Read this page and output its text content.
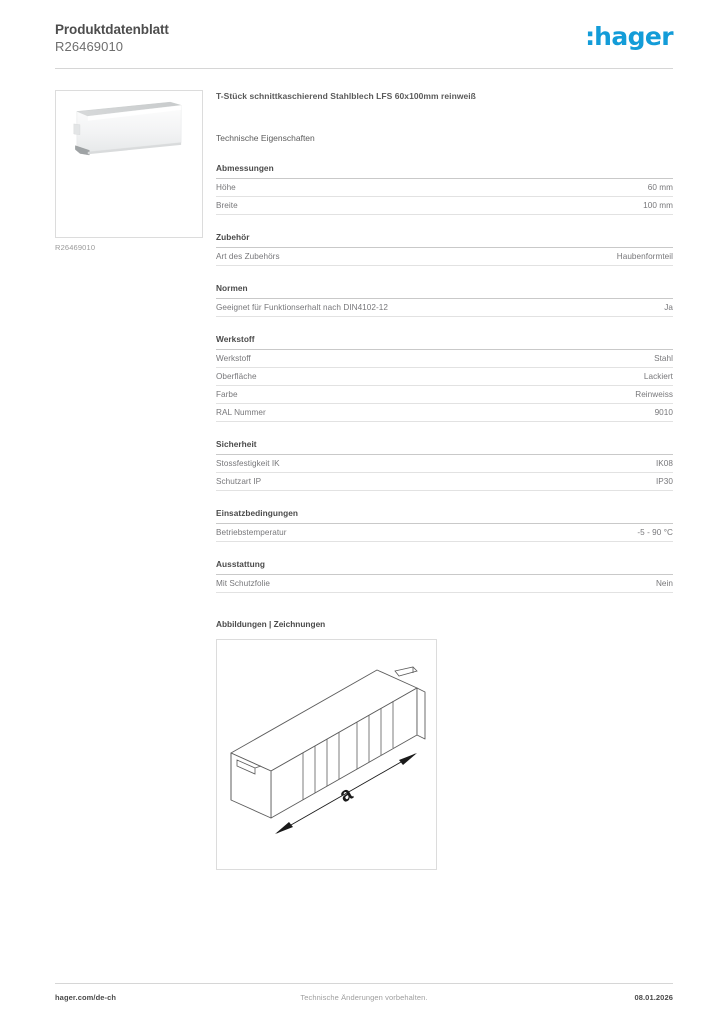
Produktdatenblatt
R26469010	:hager
R26469010
T-Stück schnittkaschierend Stahlblech LFS 60x100mm reinweiß
Technische Eigenschaften
Abmessungen
Höhe	60 mm
Breite	100 mm
Zubehör
Art des Zubehörs	Haubenformteil
Normen
Geeignet für Funktionserhalt nach DIN4102-12	Ja
Werkstoff
Werkstoff	Stahl
Oberfläche	Lackiert
Farbe	Reinweiss
RAL Nummer	9010
Sicherheit
Stossfestigkeit IK	IK08
Schutzart IP	IP30
Einsatzbedingungen
Betriebstemperatur	-5 - 90 °C
Ausstattung
Mit Schutzfolie	Nein
Abbildungen | Zeichnungen
a
Technische Änderungen vorbehalten.
hager.com/de-ch	08.01.2026
